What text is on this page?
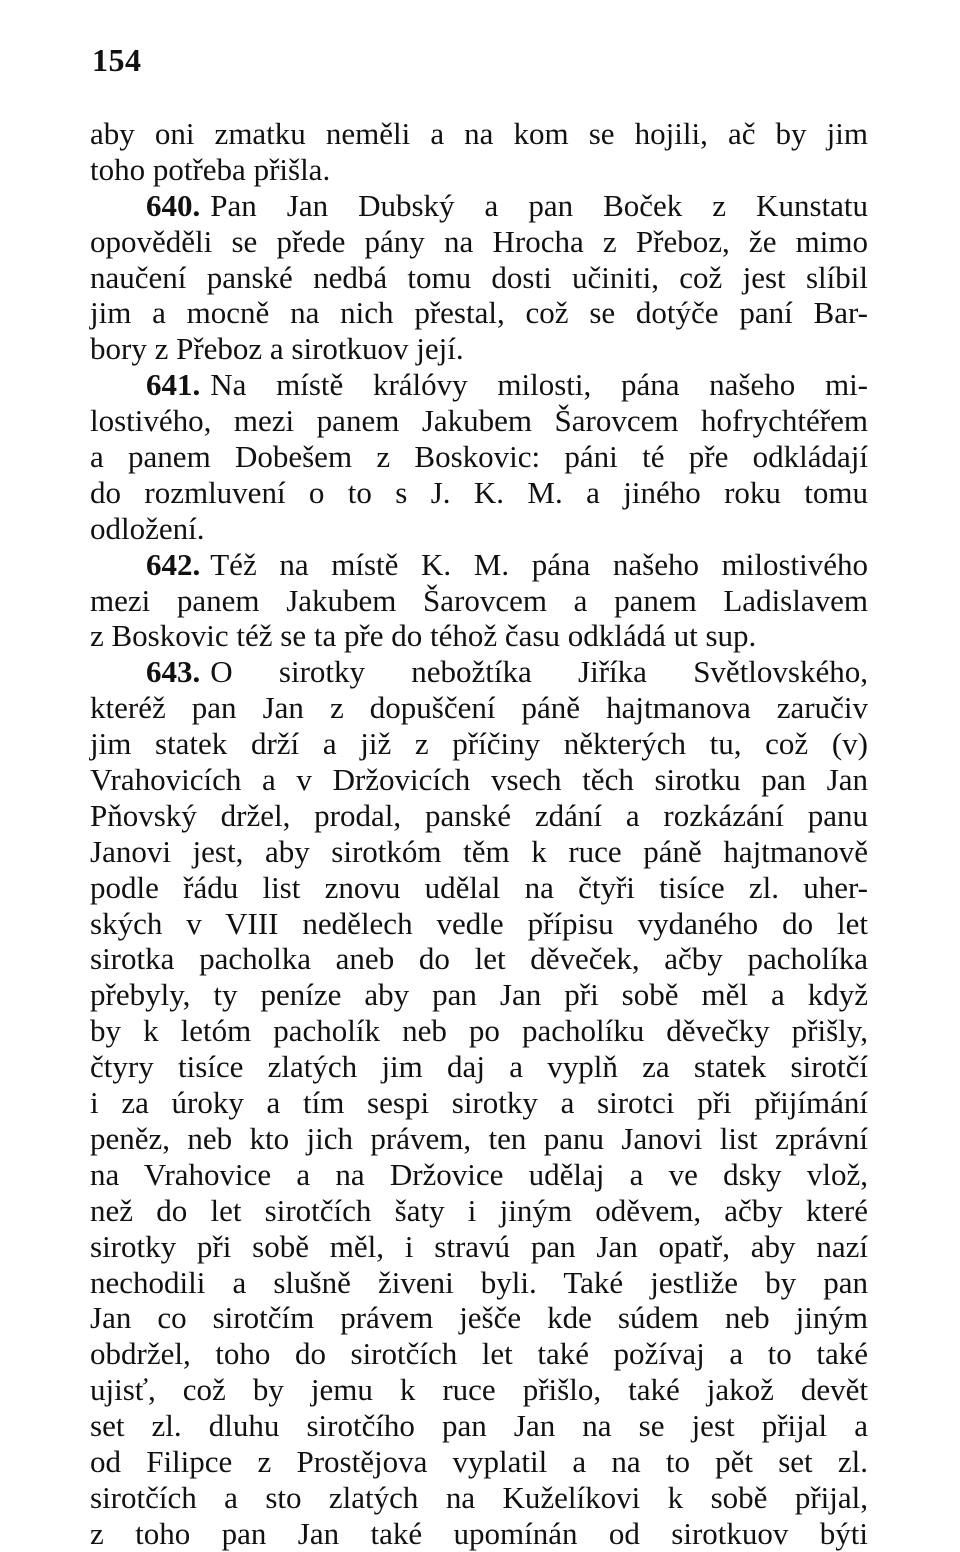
154
aby oni zmatku neměli a na kom se hojili, ač by jim
toho potřeba přišla.
640. Pan Jan Dubský a pan Boček z Kunstatu
opověděli se přede pány na Hrocha z Přeboz, že mimo
naučení panské nedbá tomu dosti učiniti, což jest slíbil
jim a mocně na nich přestal, což se dotýče paní Bar-
bory z Přeboz a sirotkuov její.
641. Na místě králóvy milosti, pána našeho mi-
lostivého, mezi panem Jakubem Šarovcem hofrychtéřem
a panem Dobešem z Boskovic: páni té pře odkládají
do rozmluvení o to s J. K. M. a jiného roku tomu
odložení.
642. Též na místě K. M. pána našeho milostivého
mezi panem Jakubem Šarovcem a panem Ladislavem
z Boskovic též se ta pře do téhož času odkládá ut sup.
643. O sirotky nebožtíka Jiříka Světlovského,
kteréž pan Jan z dopuščení páně hajtmanova zaručiv
jim statek drží a již z příčiny některých tu, což (v)
Vrahovicích a v Držovicích vsech těch sirotku pan Jan
Pňovský držel, prodal, panské zdání a rozkázání panu
Janovi jest, aby sirotkóm těm k ruce páně hajtmanově
podle řádu list znovu udělal na čtyři tisíce zl. uher-
ských v VIII nedělech vedle přípisu vydaného do let
sirotka pacholka aneb do let děveček, ačby pacholíka
přebyly, ty peníze aby pan Jan při sobě měl a když
by k letóm pacholík neb po pacholíku děvečky přišly,
čtyry tisíce zlatých jim daj a vyplň za statek sirotčí
i za úroky a tím sespi sirotky a sirotci při přijímání
peněz, neb kto jich právem, ten panu Janovi list zprávní
na Vrahovice a na Držovice udělaj a ve dsky vlož,
než do let sirotčích šaty i jiným oděvem, ačby které
sirotky při sobě měl, i stravú pan Jan opatř, aby nazí
nechodili a slušně živeni byli. Také jestliže by pan
Jan co sirotčím právem ješče kde súdem neb jiným
obdržel, toho do sirotčích let také požívaj a to také
ujisť, což by jemu k ruce přišlo, také jakož devět
set zl. dluhu sirotčího pan Jan na se jest přijal a
od Filipce z Prostějova vyplatil a na to pět set zl.
sirotčích a sto zlatých na Kuželíkovi k sobě přijal,
z toho pan Jan také upomínán od sirotkuov býti
